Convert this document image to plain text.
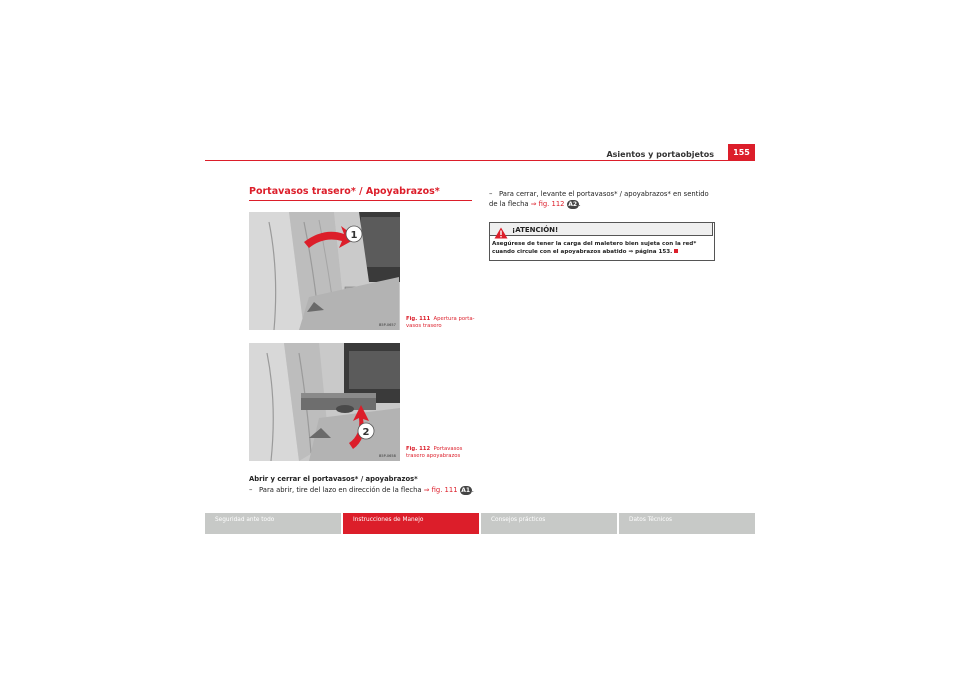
Asientos y portaobjetos	155
Portavasos trasero* / Apoyabrazos*
1
B5P-0657
Fig. 111 Apertura porta-vasos trasero
2
B5P-0658
Fig. 112 Portavasos trasero apoyabrazos
Abrir y cerrar el portavasos* / apoyabrazos*
– Para abrir, tire del lazo en dirección de la flecha ⇒ fig. 111 A1 .
– Para cerrar, levante el portavasos* / apoyabrazos* en sentido de la flecha ⇒ fig. 112 A2 .
¡ATENCIÓN!
Asegúrese de tener la carga del maletero bien sujeta con la red* cuando circule con el apoyabrazos abatido ⇒ página 153.
Seguridad ante todo	Instrucciones de Manejo	Consejos prácticos	Datos Técnicos
